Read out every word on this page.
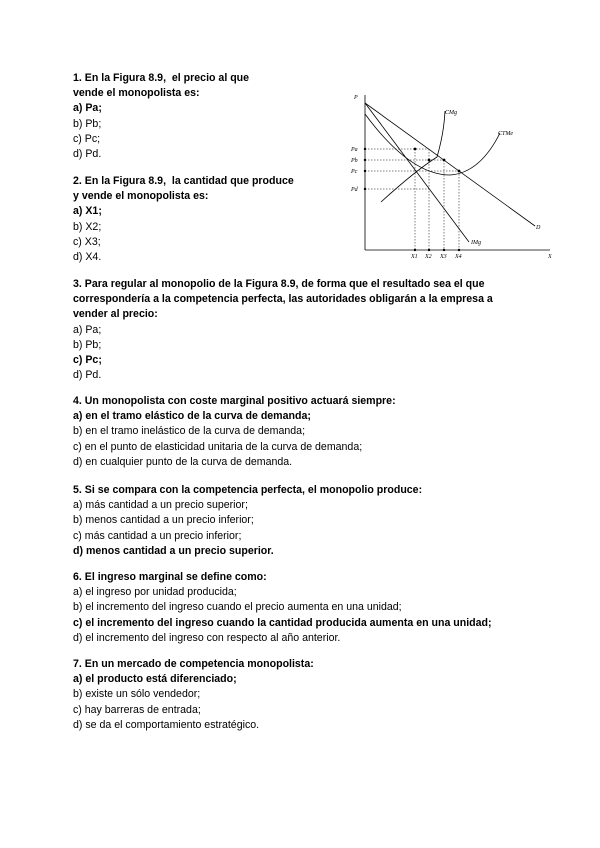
1. En la Figura 8.9,  el precio al que

vende el monopolista es:

a) Pa;

b) Pb;

c) Pc;

d) Pd.

2. En la Figura 8.9,  la cantidad que produce

y vende el monopolista es:

a) X1;

b) X2;

c) X3;

d) X4.

P
X
D
IMg
CMg
CTMe
Pa
Pb
Pc
Pd
X1 X2 X3 X4

3. Para regular al monopolio de la Figura 8.9, de forma que el resultado sea el que

correspondería a la competencia perfecta, las autoridades obligarán a la empresa a

vender al precio:

a) Pa;

b) Pb;

c) Pc;

d) Pd.

4. Un monopolista con coste marginal positivo actuará siempre:

a) en el tramo elástico de la curva de demanda;

b) en el tramo inelástico de la curva de demanda;

c) en el punto de elasticidad unitaria de la curva de demanda;

d) en cualquier punto de la curva de demanda.

5. Si se compara con la competencia perfecta, el monopolio produce:

a) más cantidad a un precio superior;

b) menos cantidad a un precio inferior;

c) más cantidad a un precio inferior;

d) menos cantidad a un precio superior.

6. El ingreso marginal se define como:

a) el ingreso por unidad producida;

b) el incremento del ingreso cuando el precio aumenta en una unidad;

c) el incremento del ingreso cuando la cantidad producida aumenta en una unidad;

d) el incremento del ingreso con respecto al año anterior.

7. En un mercado de competencia monopolista:

a) el producto está diferenciado;

b) existe un sólo vendedor;

c) hay barreras de entrada;

d) se da el comportamiento estratégico.
